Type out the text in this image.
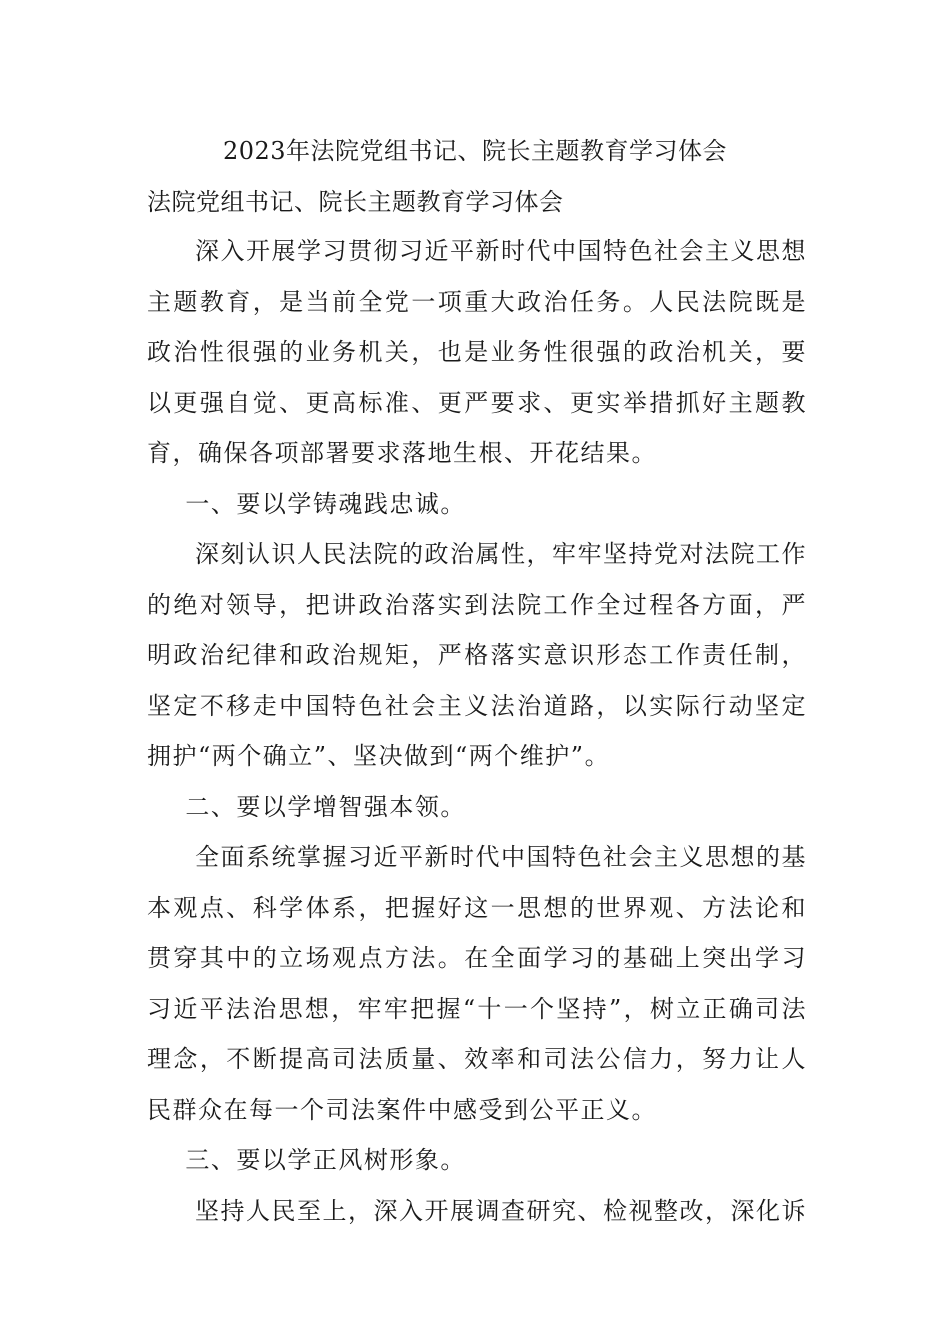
2023年法院党组书记、院长主题教育学习体会

法院党组书记、院长主题教育学习体会

深入开展学习贯彻习近平新时代中国特色社会主义思想主题教育，是当前全党一项重大政治任务。人民法院既是政治性很强的业务机关，也是业务性很强的政治机关，要以更强自觉、更高标准、更严要求、更实举措抓好主题教育，确保各项部署要求落地生根、开花结果。

一、要以学铸魂践忠诚。

深刻认识人民法院的政治属性，牢牢坚持党对法院工作的绝对领导，把讲政治落实到法院工作全过程各方面，严明政治纪律和政治规矩，严格落实意识形态工作责任制，坚定不移走中国特色社会主义法治道路，以实际行动坚定拥护“两个确立”、坚决做到“两个维护”。

二、要以学增智强本领。

全面系统掌握习近平新时代中国特色社会主义思想的基本观点、科学体系，把握好这一思想的世界观、方法论和贯穿其中的立场观点方法。在全面学习的基础上突出学习习近平法治思想，牢牢把握“十一个坚持”，树立正确司法理念，不断提高司法质量、效率和司法公信力，努力让人民群众在每一个司法案件中感受到公平正义。

三、要以学正风树形象。

坚持人民至上，深入开展调查研究、检视整改，深化诉
